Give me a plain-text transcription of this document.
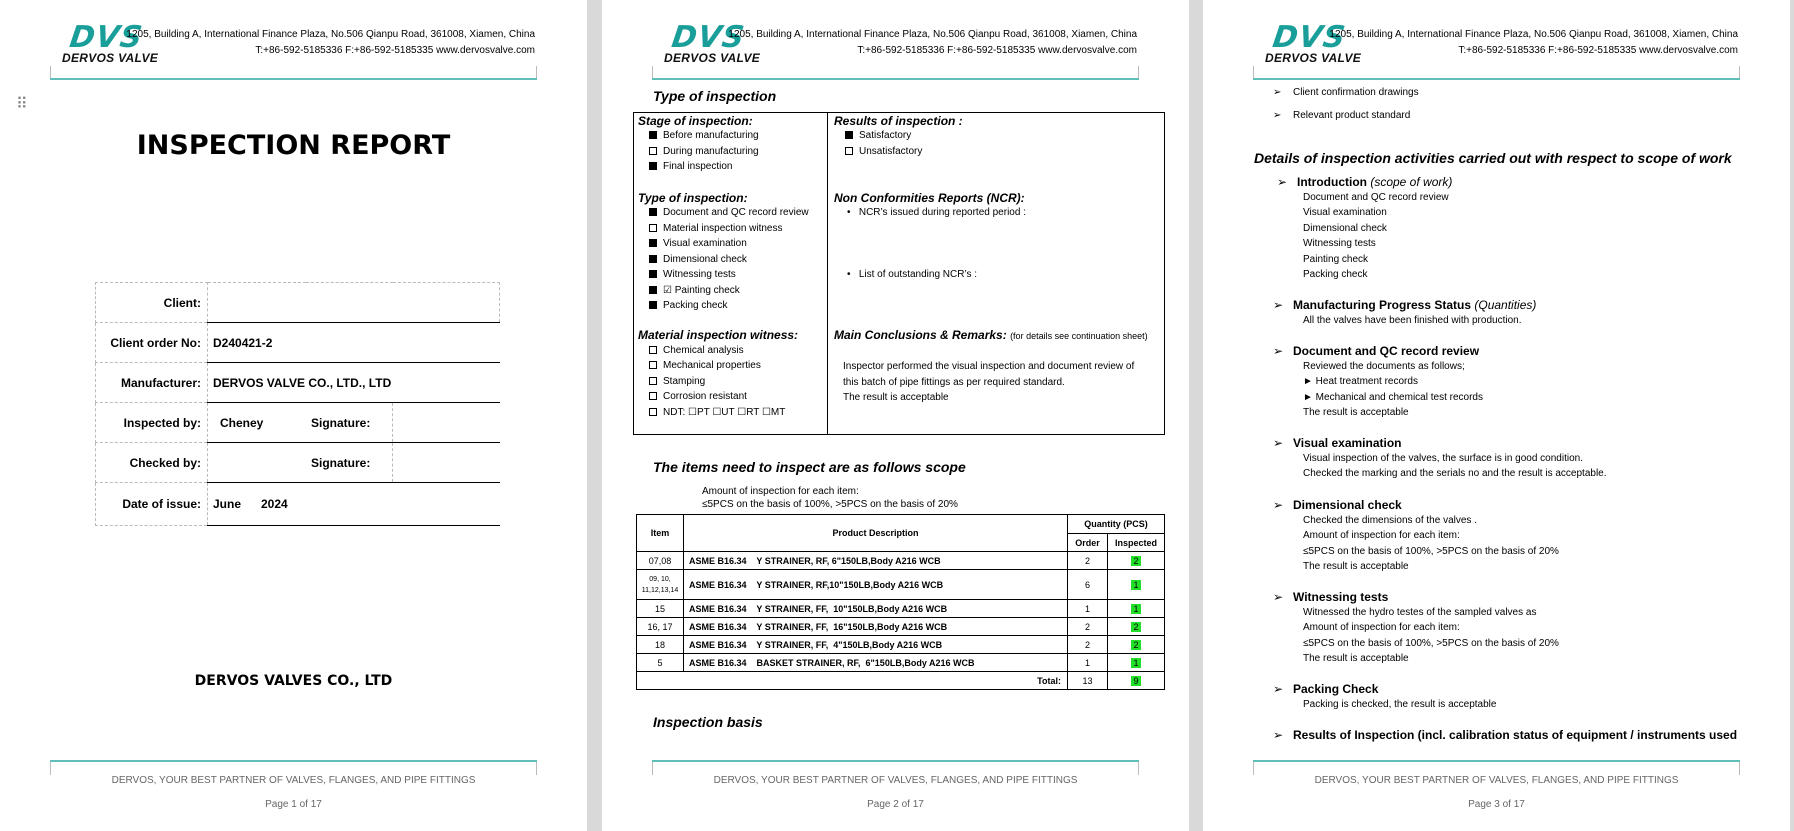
DVS
DERVOS VALVE
1205, Building A, International Finance Plaza, No.506 Qianpu Road, 361008, Xiamen, China
T:+86-592-5185336 F:+86-592-5185335 www.dervosvalve.com
⠿
INSPECTION REPORT
Client:			
Client order No:	D240421-2		
Manufacturer:	DERVOS VALVE CO., LTD., LTD		
Inspected by:	Cheney	Signature:	
Checked by:		Signature:	
Date of issue:	June      2024		
DERVOS VALVES CO., LTD
DERVOS, YOUR BEST PARTNER OF VALVES, FLANGES, AND PIPE FITTINGS
Page 1 of 17
DVS
DERVOS VALVE
1205, Building A, International Finance Plaza, No.506 Qianpu Road, 361008, Xiamen, China
T:+86-592-5185336 F:+86-592-5185335 www.dervosvalve.com
Type of inspection
Stage of inspection:
Before manufacturing
During manufacturing
Final inspection
Type of inspection:
Document and QC record review
Material inspection witness
Visual examination
Dimensional check
Witnessing tests
☑ Painting check
Packing check
Material inspection witness:
Chemical analysis
Mechanical properties
Stamping
Corrosion resistant
NDT: ☐PT ☐UT ☐RT ☐MT
Results of inspection :
Satisfactory
Unsatisfactory
Non Conformities Reports (NCR):
•   NCR’s issued during reported period :
•   List of outstanding NCR’s :
Main Conclusions & Remarks: (for details see continuation sheet)
Inspector performed the visual inspection and document review of
this batch of pipe fittings as per required standard.
The result is acceptable
The items need to inspect are as follows scope
Amount of inspection for each item:
≤5PCS on the basis of 100%, >5PCS on the basis of 20%
Item	Product Description	Quantity (PCS)	
		Order	Inspected
07,08	ASME B16.34    Y STRAINER, RF, 6"150LB,Body A216 WCB	2	2
09, 10, 11,12,13,14	ASME B16.34    Y STRAINER, RF,10"150LB,Body A216 WCB	6	1
15	ASME B16.34    Y STRAINER, FF,  10"150LB,Body A216 WCB	1	1
16, 17	ASME B16.34    Y STRAINER, FF,  16"150LB,Body A216 WCB	2	2
18	ASME B16.34    Y STRAINER, FF,  4"150LB,Body A216 WCB	2	2
5	ASME B16.34    BASKET STRAINER, RF,  6"150LB,Body A216 WCB	1	1
Total:		13	9
Inspection basis
DERVOS, YOUR BEST PARTNER OF VALVES, FLANGES, AND PIPE FITTINGS
Page 2 of 17
DVS
DERVOS VALVE
1205, Building A, International Finance Plaza, No.506 Qianpu Road, 361008, Xiamen, China
T:+86-592-5185336 F:+86-592-5185335 www.dervosvalve.com
➢ Client confirmation drawings
➢ Relevant product standard
Details of inspection activities carried out with respect to scope of work
➢ Introduction (scope of work)
Document and QC record review
Visual examination
Dimensional check
Witnessing tests
Painting check
Packing check
➢ Manufacturing Progress Status (Quantities)
All the valves have been finished with production.
➢ Document and QC record review
Reviewed the documents as follows;
► Heat treatment records
► Mechanical and chemical test records
The result is acceptable
➢ Visual examination
Visual inspection of the valves, the surface is in good condition.
Checked the marking and the serials no and the result is acceptable.
➢ Dimensional check
Checked the dimensions of the valves .
Amount of inspection for each item:
≤5PCS on the basis of 100%, >5PCS on the basis of 20%
The result is acceptable
➢ Witnessing tests
Witnessed the hydro testes of the sampled valves as
Amount of inspection for each item:
≤5PCS on the basis of 100%, >5PCS on the basis of 20%
The result is acceptable
➢ Packing Check
Packing is checked, the result is acceptable
➢ Results of Inspection (incl. calibration status of equipment / instruments used
DERVOS, YOUR BEST PARTNER OF VALVES, FLANGES, AND PIPE FITTINGS
Page 3 of 17
